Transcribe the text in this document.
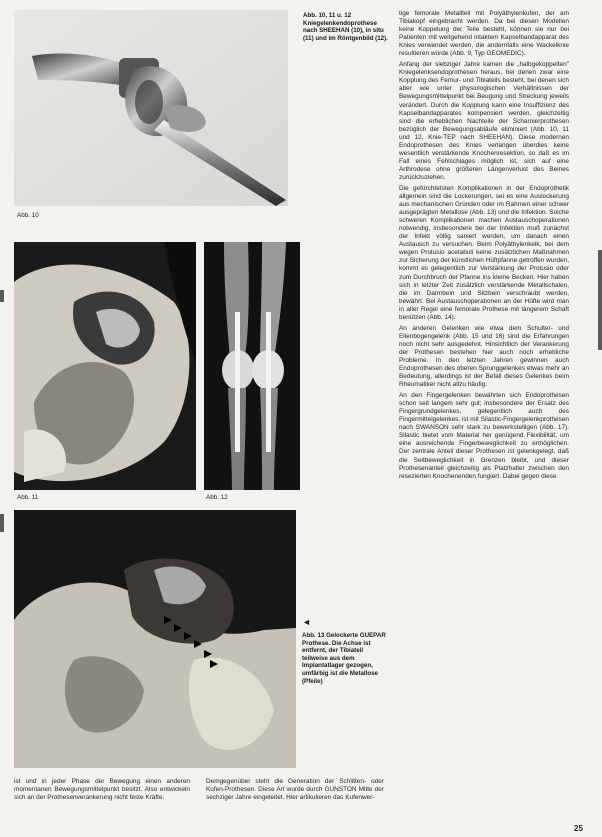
Abb. 10
Abb. 10, 11 u. 12 Kniegelenkendoprothese nach SHEEHAN (10), in situ (11) und im Röntgenbild (12).
Abb. 11	Abb. 12
◄
Abb. 13 Gelockerte GUEPAR Prothese. Die Achse ist entfernt, der Tibiateil teilweise aus dem Implantatlager gezogen, umfärbig ist die Metallose (Pfeile)

tige femorale Metallteil mit Polyäthylenkufen, der am Tibiakopf eingebracht werden. Da bei diesen Modellen keine Koppelung der Teile besteht, können sie nur bei Patienten mit weitgehend intaktem Kapselbandapparat des Knies verwendet werden, die andernfalls eine Wackelknie resultieren würde (Abb. 9, Typ GEOMEDIC).

Anfang der siebziger Jahre kamen die „halbgekoppelten" Kniegelenksendoprothesen heraus, bei denen zwar eine Kopplung des Femur- und Tibiateils besteht, bei denen sich aber wie unter physiologischen Verhältnissen der Bewegungsmittelpunkt bei Beugung und Streckung jeweils verändert. Durch die Kopplung kann eine Insuffizienz des Kapselbandapparates kompensiert werden, gleichzeitig sind die erheblichen Nachteile der Scharnierprothesen bezüglich der Bewegungsabläufe eliminiert (Abb. 10, 11 und 12, Knie-TEP nach SHEEHAN). Diese modernen Endoprothesen des Knies verlangen überdies keine wesentlich verstärkende Knochenresektion, so daß es im Fall eines Fehlschlages möglich ist, sich auf eine Arthrodese ohne größeren Längenverlust des Beines zurückzuziehen.

Die gefürchtetsten Komplikationen in der Endoprothetik allgemein sind die Lockerungen, sei es eine Auslockerung aus mechanischen Gründen oder im Rahmen einer schwer ausgeprägten Metallose (Abb. 13) und die Infektion. Solche schweren Komplikationen machen Austauschoperationen notwendig, insbesondere bei der Infektion muß zunächst der Infekt völlig saniert werden, um danach einen Austausch zu versuchen. Beim Polyäthylenkelk, bei dem wegen Protusio acetabuli keine zusätzlichen Maßnahmen zur Sicherung der künstlichen Hüftpfanne getroffen wurden, kommt es gelegentlich zur Verstärkung der Protusio oder zum Durchbruch der Pfanne ins kleine Becken. Hier haben sich in letzter Zeit zusätzlich verstärkende Metallschalen, die im Darmbein und Sitzbein verschraubt werden, bewährt. Bei Austauschoperationen an der Hüfte wird man in aller Regel eine femorale Prothese mit längerem Schaft benützen (Abb. 14).

An anderen Gelenken wie etwa dem Schulter- und Ellenbogengelenk (Abb. 15 und 16) sind die Erfahrungen noch nicht sehr ausgedehnt. Hinsichtlich der Verankerung der Prothesen bestehen hier auch noch erhebliche Probleme. In den letzten Jahren gewinnen auch Endoprothesen des oberen Sprunggelenkes etwas mehr an Bedeutung, allerdings ist der Befall dieses Gelenkes beim Rheumatiker nicht allzu häufig.

An den Fingergelenken bewährten sich Endoprothesen schon seit langem sehr gut; insbesondere der Ersatz des Fingergrundgelenkes, gelegentlich auch des Fingermittelgelenkes, ist mit Silastic-Fingergelenkprothesen nach SWANSON sehr stark zu bewerkstelligen (Abb. 17). Silastic bietet vom Material her genügend Flexibilität, um eine ausreichende Fingerbeweglichkeit zu ermöglichen. Der zentrale Anteil dieser Prothesen ist gelenkgelegt, daß die Seitbeweglichkeit in Grenzen bleibt, und dieser Prothesenanteil gleichzeitig als Platzhalter zwischen den resezierten Knochenenden fungiert. Dabei gegen diese

ist und in jeder Phase der Bewegung einen anderen momentanen Bewegungsmittelpunkt besitzt. Also entwickeln sich an der Prothesenverankerung nicht feste Kräfte.
Demgegenüber steht die Generation der Schlitten- oder Kufen-Prothesen. Diese Art wurde durch GUNSTON Mitte der sechziger Jahre eingeleitet. Hier artikulieren das Kufenwer-
25
